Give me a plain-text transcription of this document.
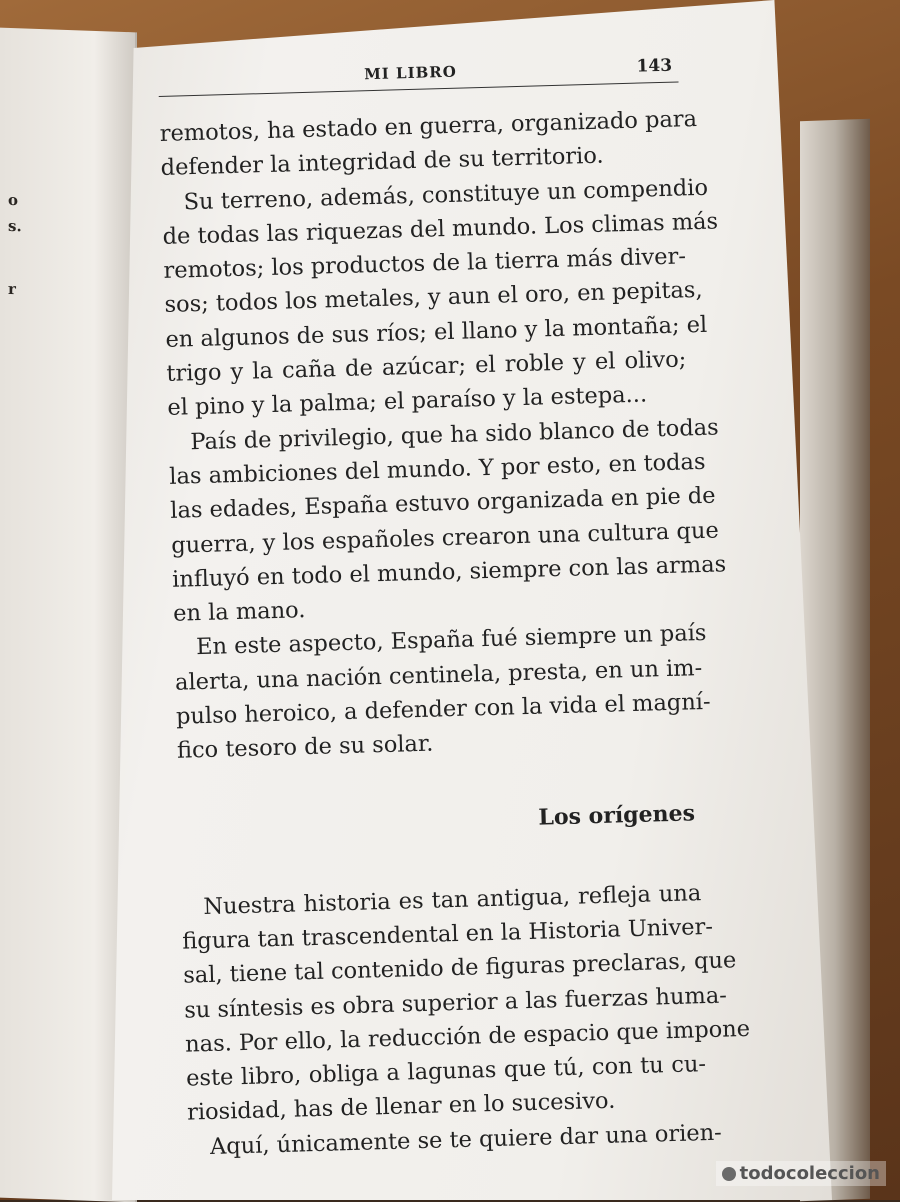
o
s.
r
MI LIBRO	143

remotos, ha estado en guerra, organizado para
defender la integridad de su territorio.

Su terreno, además, constituye un compendio
de todas las riquezas del mundo. Los climas más
remotos; los productos de la tierra más diver-
sos; todos los metales, y aun el oro, en pepitas,
en algunos de sus ríos; el llano y la montaña; el
trigo y la caña de azúcar; el roble y el olivo;
el pino y la palma; el paraíso y la estepa...

País de privilegio, que ha sido blanco de todas
las ambiciones del mundo. Y por esto, en todas
las edades, España estuvo organizada en pie de
guerra, y los españoles crearon una cultura que
influyó en todo el mundo, siempre con las armas
en la mano.

En este aspecto, España fué siempre un país
alerta, una nación centinela, presta, en un im-
pulso heroico, a defender con la vida el magní-
fico tesoro de su solar.

Los orígenes

Nuestra historia es tan antigua, refleja una
figura tan trascendental en la Historia Univer-
sal, tiene tal contenido de figuras preclaras, que
su síntesis es obra superior a las fuerzas huma-
nas. Por ello, la reducción de espacio que impone
este libro, obliga a lagunas que tú, con tu cu-
riosidad, has de llenar en lo sucesivo.

Aquí, únicamente se te quiere dar una orien-

todocoleccion
